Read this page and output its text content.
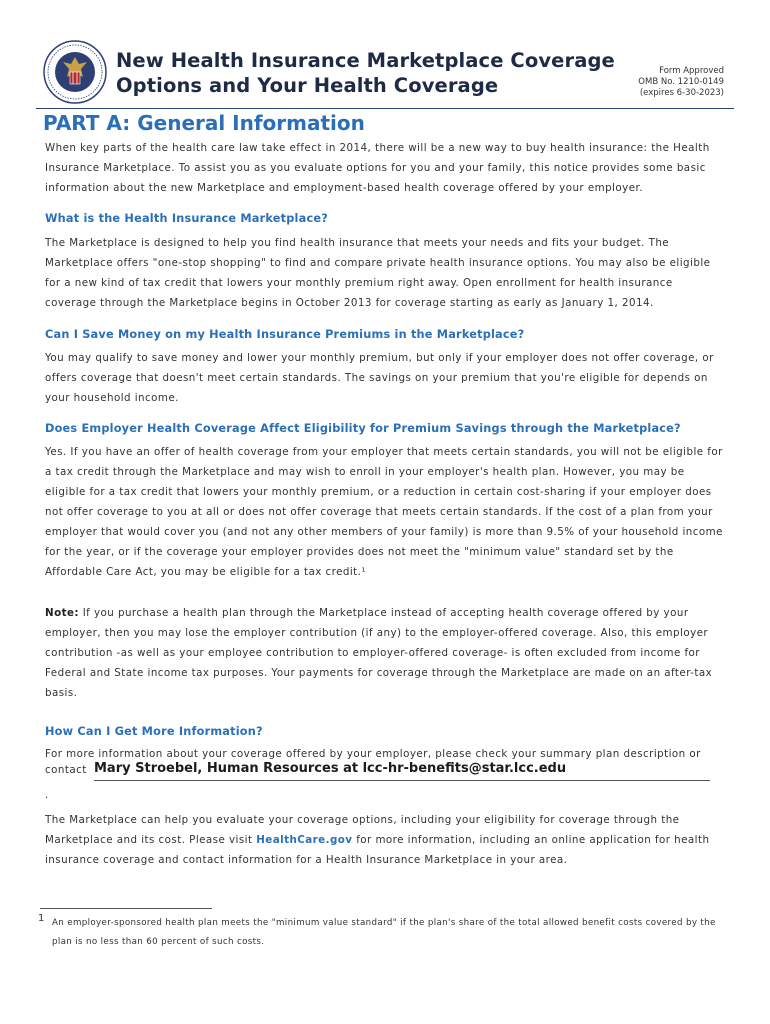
New Health Insurance Marketplace Coverage
Options and Your Health Coverage
Form Approved
OMB No. 1210-0149
(expires 6-30-2023)
PART A: General Information
When key parts of the health care law take effect in 2014, there will be a new way to buy health insurance: the Health Insurance Marketplace. To assist you as you evaluate options for you and your family, this notice provides some basic information about the new Marketplace and employment-based health coverage offered by your employer.
What is the Health Insurance Marketplace?
The Marketplace is designed to help you find health insurance that meets your needs and fits your budget. The Marketplace offers "one-stop shopping" to find and compare private health insurance options. You may also be eligible for a new kind of tax credit that lowers your monthly premium right away. Open enrollment for health insurance coverage through the Marketplace begins in October 2013 for coverage starting as early as January 1, 2014.
Can I Save Money on my Health Insurance Premiums in the Marketplace?
You may qualify to save money and lower your monthly premium, but only if your employer does not offer coverage, or offers coverage that doesn't meet certain standards. The savings on your premium that you're eligible for depends on your household income.
Does Employer Health Coverage Affect Eligibility for Premium Savings through the Marketplace?
Yes. If you have an offer of health coverage from your employer that meets certain standards, you will not be eligible for a tax credit through the Marketplace and may wish to enroll in your employer's health plan. However, you may be eligible for a tax credit that lowers your monthly premium, or a reduction in certain cost-sharing if your employer does not offer coverage to you at all or does not offer coverage that meets certain standards. If the cost of a plan from your employer that would cover you (and not any other members of your family) is more than 9.5% of your household income for the year, or if the coverage your employer provides does not meet the "minimum value" standard set by the Affordable Care Act, you may be eligible for a tax credit.¹
Note: If you purchase a health plan through the Marketplace instead of accepting health coverage offered by your employer, then you may lose the employer contribution (if any) to the employer-offered coverage. Also, this employer contribution -as well as your employee contribution to employer-offered coverage- is often excluded from income for Federal and State income tax purposes. Your payments for coverage through the Marketplace are made on an after-tax basis.
How Can I Get More Information?
For more information about your coverage offered by your employer, please check your summary plan description or
contact Mary Stroebel, Human Resources at lcc-hr-benefits@star.lcc.edu
.
The Marketplace can help you evaluate your coverage options, including your eligibility for coverage through the Marketplace and its cost. Please visit HealthCare.gov for more information, including an online application for health insurance coverage and contact information for a Health Insurance Marketplace in your area.
1 An employer-sponsored health plan meets the "minimum value standard" if the plan's share of the total allowed benefit costs covered by the plan is no less than 60 percent of such costs.
